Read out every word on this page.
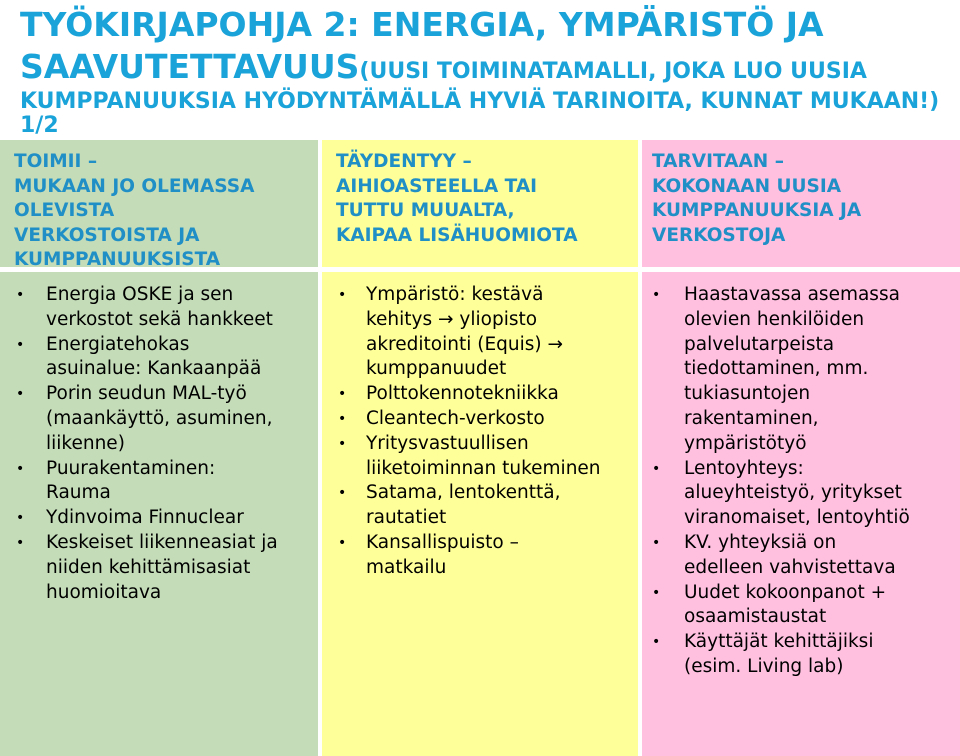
TYÖKIRJAPOHJA 2: ENERGIA, YMPÄRISTÖ JA SAAVUTETTAVUUS(UUSI TOIMINATAMALLI, JOKA LUO UUSIA KUMPPANUUKSIA HYÖDYNTÄMÄLLÄ HYVIÄ TARINOITA, KUNNAT MUKAAN!) 1/2
TOIMII –
MUKAAN JO OLEMASSA
OLEVISTA
VERKOSTOISTA JA
KUMPPANUUKSISTA
• Energia OSKE ja sen
verkostot sekä hankkeet
• Energiatehokas
asuinalue: Kankaanpää
• Porin seudun MAL-työ
(maankäyttö, asuminen,
liikenne)
• Puurakentaminen:
Rauma
• Ydinvoima Finnuclear
• Keskeiset liikenneasiat ja
niiden kehittämisasiat
huomioitava
TÄYDENTYY –
AIHIOASTEELLA TAI
TUTTU MUUALTA,
KAIPAA LISÄHUOMIOTA
• Ympäristö: kestävä
kehitys → yliopisto
akreditointi (Equis) →
kumppanuudet
• Polttokennotekniikka
• Cleantech-verkosto
• Yritysvastuullisen
liiketoiminnan tukeminen
• Satama, lentokenttä,
rautatiet
• Kansallispuisto –
matkailu
TARVITAAN –
KOKONAAN UUSIA
KUMPPANUUKSIA JA
VERKOSTOJA
• Haastavassa asemassa
olevien henkilöiden
palvelutarpeista
tiedottaminen, mm.
tukiasuntojen
rakentaminen,
ympäristötyö
• Lentoyhteys:
alueyhteistyö, yritykset
viranomaiset, lentoyhtiö
• KV. yhteyksiä on
edelleen vahvistettava
• Uudet kokoonpanot +
osaamistaustat
• Käyttäjät kehittäjiksi
(esim. Living lab)
